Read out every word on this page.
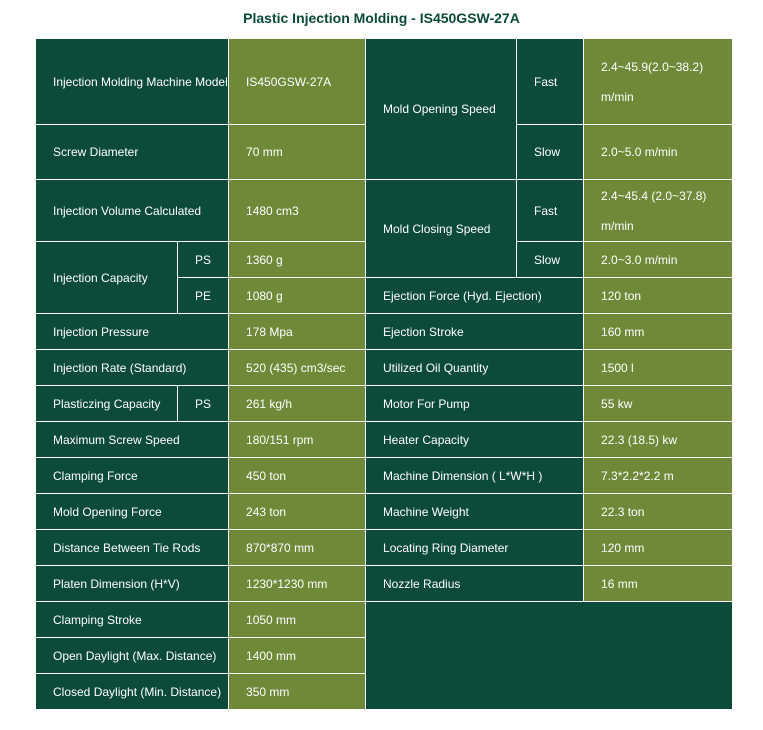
Plastic Injection Molding - IS450GSW-27A
Injection Molding Machine Model		IS450GSW-27A	Mold Opening Speed	Fast	2.4~45.9(2.0~38.2) m/min
Screw Diameter		70 mm		Slow	2.0~5.0 m/min
Injection Volume Calculated		1480 cm3	Mold Closing Speed	Fast	2.4~45.4 (2.0~37.8) m/min
Injection Capacity	PS	1360 g		Slow	2.0~3.0 m/min
	PE	1080 g	Ejection Force (Hyd. Ejection)		120 ton
Injection Pressure		178 Mpa	Ejection Stroke		160 mm
Injection Rate (Standard)		520 (435) cm3/sec	Utilized Oil Quantity		1500 l
Plasticzing Capacity	PS	261 kg/h	Motor For Pump		55 kw
Maximum Screw Speed		180/151 rpm	Heater Capacity		22.3 (18.5) kw
Clamping Force		450 ton	Machine Dimension ( L*W*H )		7.3*2.2*2.2 m
Mold Opening Force		243 ton	Machine Weight		22.3 ton
Distance Between Tie Rods		870*870 mm	Locating Ring Diameter		120 mm
Platen Dimension (H*V)		1230*1230 mm	Nozzle Radius		16 mm
Clamping Stroke		1050 mm			
Open Daylight (Max. Distance)		1400 mm			
Closed Daylight (Min. Distance)		350 mm			
